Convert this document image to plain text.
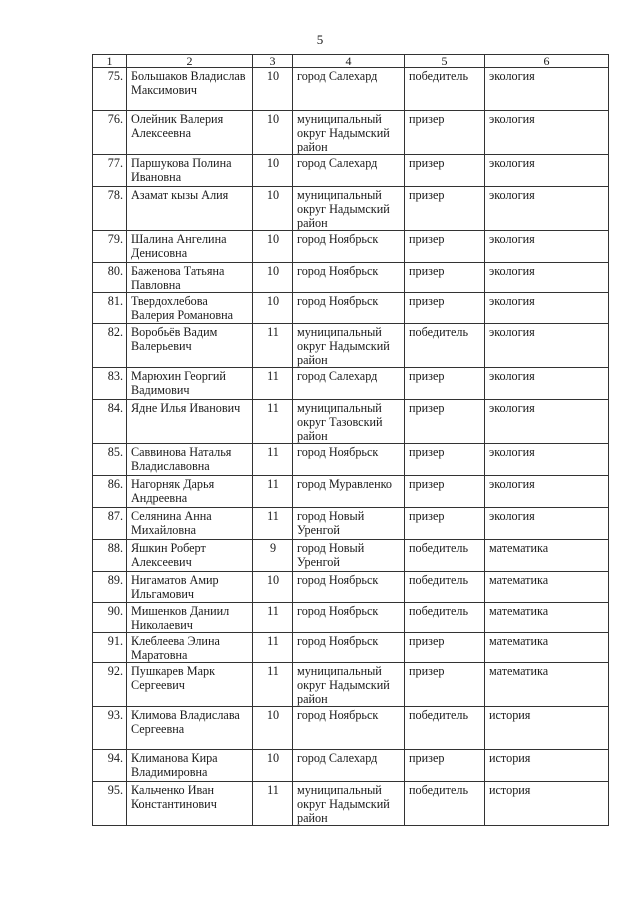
5
1	2	3	4	5	6
75.	Большаков Владислав Максимович	10	город Салехард	победитель	экология
76.	Олейник Валерия Алексеевна	10	муниципальный округ Надымский район	призер	экология
77.	Паршукова Полина Ивановна	10	город Салехард	призер	экология
78.	Азамат кызы Алия	10	муниципальный округ Надымский район	призер	экология
79.	Шалина Ангелина Денисовна	10	город Ноябрьск	призер	экология
80.	Баженова Татьяна Павловна	10	город Ноябрьск	призер	экология
81.	Твердохлебова Валерия Романовна	10	город Ноябрьск	призер	экология
82.	Воробьёв Вадим Валерьевич	11	муниципальный округ Надымский район	победитель	экология
83.	Марюхин Георгий Вадимович	11	город Салехард	призер	экология
84.	Ядне Илья Иванович	11	муниципальный округ Тазовский район	призер	экология
85.	Саввинова Наталья Владиславовна	11	город Ноябрьск	призер	экология
86.	Нагорняк Дарья Андреевна	11	город Муравленко	призер	экология
87.	Селянина Анна Михайловна	11	город Новый Уренгой	призер	экология
88.	Яшкин Роберт Алексеевич	9	город Новый Уренгой	победитель	математика
89.	Нигаматов Амир Ильгамович	10	город Ноябрьск	победитель	математика
90.	Мишенков Даниил Николаевич	11	город Ноябрьск	победитель	математика
91.	Клеблеева Элина Маратовна	11	город Ноябрьск	призер	математика
92.	Пушкарев Марк Сергеевич	11	муниципальный округ Надымский район	призер	математика
93.	Климова Владислава Сергеевна	10	город Ноябрьск	победитель	история
94.	Климанова Кира Владимировна	10	город Салехард	призер	история
95.	Кальченко Иван Константинович	11	муниципальный округ Надымский район	победитель	история
